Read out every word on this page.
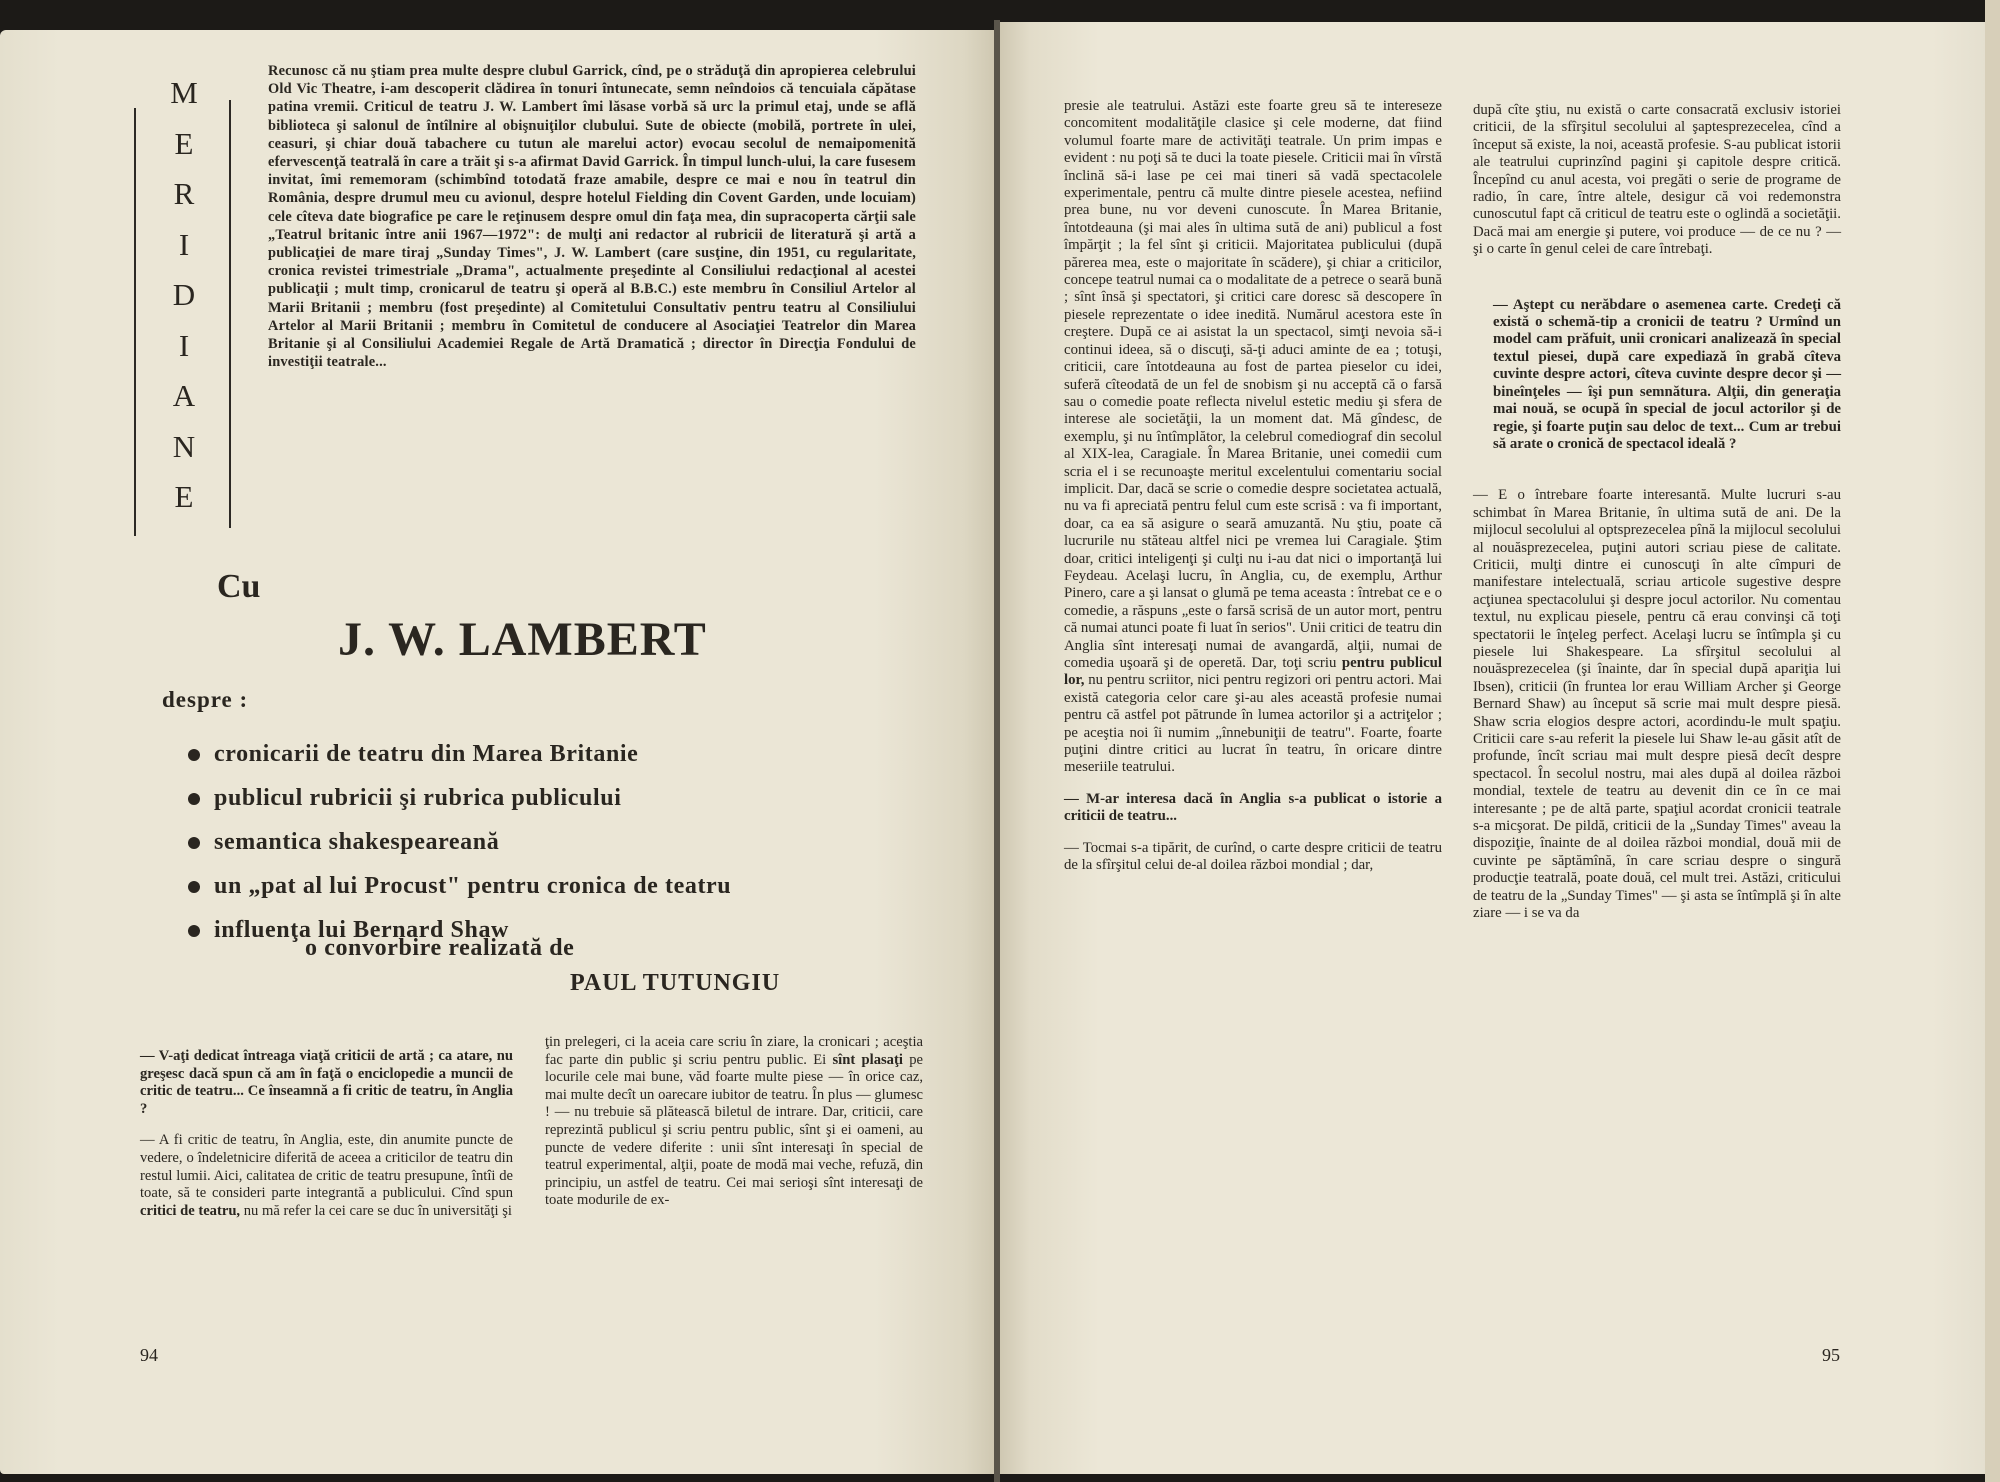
M
E
R
I
D
I
A
N
E

Recunosc că nu ştiam prea multe despre clubul Garrick, cînd, pe o străduţă din apropierea celebrului Old Vic Theatre, i-am descoperit clădirea în tonuri întunecate, semn neîndoios că tencuiala căpătase patina vremii. Criticul de teatru J. W. Lambert îmi lăsase vorbă să urc la primul etaj, unde se află biblioteca şi salonul de întîlnire al obişnuiţilor clubului. Sute de obiecte (mobilă, portrete în ulei, ceasuri, şi chiar două tabachere cu tutun ale marelui actor) evocau secolul de nemaipomenită efervescenţă teatrală în care a trăit şi s-a afirmat David Garrick. În timpul lunch-ului, la care fusesem invitat, îmi rememoram (schimbînd totodată fraze amabile, despre ce mai e nou în teatrul din România, despre drumul meu cu avionul, despre hotelul Fielding din Covent Garden, unde locuiam) cele cîteva date biografice pe care le reţinusem despre omul din faţa mea, din supracoperta cărţii sale „Teatrul britanic între anii 1967—1972": de mulţi ani redactor al rubricii de literatură şi artă a publicaţiei de mare tiraj „Sunday Times", J. W. Lambert (care susţine, din 1951, cu regularitate, cronica revistei trimestriale „Drama", actualmente preşedinte al Consiliului redacţional al acestei publicaţii ; mult timp, cronicarul de teatru şi operă al B.B.C.) este membru în Consiliul Artelor al Marii Britanii ; membru (fost preşedinte) al Comitetului Consultativ pentru teatru al Consiliului Artelor al Marii Britanii ; membru în Comitetul de conducere al Asociaţiei Teatrelor din Marea Britanie şi al Consiliului Academiei Regale de Artă Dramatică ; director în Direcţia Fondului de investiţii teatrale...

Cu
J. W. LAMBERT
despre :
cronicarii de teatru din Marea Britanie
publicul rubricii şi rubrica publicului
semantica shakespeareană
un „pat al lui Procust" pentru cronica de teatru
influenţa lui Bernard Shaw
o convorbire realizată de
PAUL TUTUNGIU

— V-aţi dedicat întreaga viaţă criticii de artă ; ca atare, nu greşesc dacă spun că am în faţă o enciclopedie a muncii de critic de teatru... Ce înseamnă a fi critic de teatru, în Anglia ?

— A fi critic de teatru, în Anglia, este, din anumite puncte de vedere, o îndeletnicire diferită de aceea a criticilor de teatru din restul lumii. Aici, calitatea de critic de teatru presupune, întîi de toate, să te consideri parte integrantă a publicului. Cînd spun critici de teatru, nu mă refer la cei care se duc în universităţi şi

ţin prelegeri, ci la aceia care scriu în ziare, la cronicari ; aceştia fac parte din public şi scriu pentru public. Ei sînt plasaţi pe locurile cele mai bune, văd foarte multe piese — în orice caz, mai multe decît un oarecare iubitor de teatru. În plus — glumesc ! — nu trebuie să plătească biletul de intrare. Dar, criticii, care reprezintă publicul şi scriu pentru public, sînt şi ei oameni, au puncte de vedere diferite : unii sînt interesaţi în special de teatrul experimental, alţii, poate de modă mai veche, refuză, din principiu, un astfel de teatru. Cei mai serioşi sînt interesaţi de toate modurile de ex-

94

presie ale teatrului. Astăzi este foarte greu să te intereseze concomitent modalităţile clasice şi cele moderne, dat fiind volumul foarte mare de activităţi teatrale. Un prim impas e evident : nu poţi să te duci la toate piesele. Criticii mai în vîrstă înclină să-i lase pe cei mai tineri să vadă spectacolele experimentale, pentru că multe dintre piesele acestea, nefiind prea bune, nu vor deveni cunoscute. În Marea Britanie, întotdeauna (şi mai ales în ultima sută de ani) publicul a fost împărţit ; la fel sînt şi criticii. Majoritatea publicului (după părerea mea, este o majoritate în scădere), şi chiar a criticilor, concepe teatrul numai ca o modalitate de a petrece o seară bună ; sînt însă şi spectatori, şi critici care doresc să descopere în piesele reprezentate o idee inedită. Numărul acestora este în creştere. După ce ai asistat la un spectacol, simţi nevoia să-i continui ideea, să o discuţi, să-ţi aduci aminte de ea ; totuşi, criticii, care întotdeauna au fost de partea pieselor cu idei, suferă cîteodată de un fel de snobism şi nu acceptă că o farsă sau o comedie poate reflecta nivelul estetic mediu şi sfera de interese ale societăţii, la un moment dat. Mă gîndesc, de exemplu, şi nu întîmplător, la celebrul comediograf din secolul al XIX-lea, Caragiale. În Marea Britanie, unei comedii cum scria el i se recunoaşte meritul excelentului comentariu social implicit. Dar, dacă se scrie o comedie despre societatea actuală, nu va fi apreciată pentru felul cum este scrisă : va fi important, doar, ca ea să asigure o seară amuzantă. Nu ştiu, poate că lucrurile nu stăteau altfel nici pe vremea lui Caragiale. Ştim doar, critici inteligenţi şi culţi nu i-au dat nici o importanţă lui Feydeau. Acelaşi lucru, în Anglia, cu, de exemplu, Arthur Pinero, care a şi lansat o glumă pe tema aceasta : întrebat ce e o comedie, a răspuns „este o farsă scrisă de un autor mort, pentru că numai atunci poate fi luat în serios". Unii critici de teatru din Anglia sînt interesaţi numai de avangardă, alţii, numai de comedia uşoară şi de operetă. Dar, toţi scriu pentru publicul lor, nu pentru scriitor, nici pentru regizori ori pentru actori. Mai există categoria celor care şi-au ales această profesie numai pentru că astfel pot pătrunde în lumea actorilor şi a actriţelor ; pe aceştia noi îi numim „înnebuniţii de teatru". Foarte, foarte puţini dintre critici au lucrat în teatru, în oricare dintre meseriile teatrului.

— M-ar interesa dacă în Anglia s-a publicat o istorie a criticii de teatru...

— Tocmai s-a tipărit, de curînd, o carte despre criticii de teatru de la sfîrşitul celui de-al doilea război mondial ; dar,

după cîte ştiu, nu există o carte consacrată exclusiv istoriei criticii, de la sfîrşitul secolului al şaptesprezecelea, cînd a început să existe, la noi, această profesie. S-au publicat istorii ale teatrului cuprinzînd pagini şi capitole despre critică. Începînd cu anul acesta, voi pregăti o serie de programe de radio, în care, între altele, desigur că voi redemonstra cunoscutul fapt că criticul de teatru este o oglindă a societăţii. Dacă mai am energie şi putere, voi produce — de ce nu ? — şi o carte în genul celei de care întrebaţi.

— Aştept cu nerăbdare o asemenea carte. Credeţi că există o schemă-tip a cronicii de teatru ? Urmînd un model cam prăfuit, unii cronicari analizează în special textul piesei, după care expediază în grabă cîteva cuvinte despre actori, cîteva cuvinte despre decor şi — bineînţeles — îşi pun semnătura. Alţii, din generaţia mai nouă, se ocupă în special de jocul actorilor şi de regie, şi foarte puţin sau deloc de text... Cum ar trebui să arate o cronică de spectacol ideală ?

— E o întrebare foarte interesantă. Multe lucruri s-au schimbat în Marea Britanie, în ultima sută de ani. De la mijlocul secolului al optsprezecelea pînă la mijlocul secolului al nouăsprezecelea, puţini autori scriau piese de calitate. Criticii, mulţi dintre ei cunoscuţi în alte cîmpuri de manifestare intelectuală, scriau articole sugestive despre acţiunea spectacolului şi despre jocul actorilor. Nu comentau textul, nu explicau piesele, pentru că erau convinşi că toţi spectatorii le înţeleg perfect. Acelaşi lucru se întîmpla şi cu piesele lui Shakespeare. La sfîrşitul secolului al nouăsprezecelea (şi înainte, dar în special după apariţia lui Ibsen), criticii (în fruntea lor erau William Archer şi George Bernard Shaw) au început să scrie mai mult despre piesă. Shaw scria elogios despre actori, acordindu-le mult spaţiu. Criticii care s-au referit la piesele lui Shaw le-au găsit atît de profunde, încît scriau mai mult despre piesă decît despre spectacol. În secolul nostru, mai ales după al doilea război mondial, textele de teatru au devenit din ce în ce mai interesante ; pe de altă parte, spaţiul acordat cronicii teatrale s-a micşorat. De pildă, criticii de la „Sunday Times" aveau la dispoziţie, înainte de al doilea război mondial, două mii de cuvinte pe săptămînă, în care scriau despre o singură producţie teatrală, poate două, cel mult trei. Astăzi, criticului de teatru de la „Sunday Times" — şi asta se întîmplă şi în alte ziare — i se va da

95
